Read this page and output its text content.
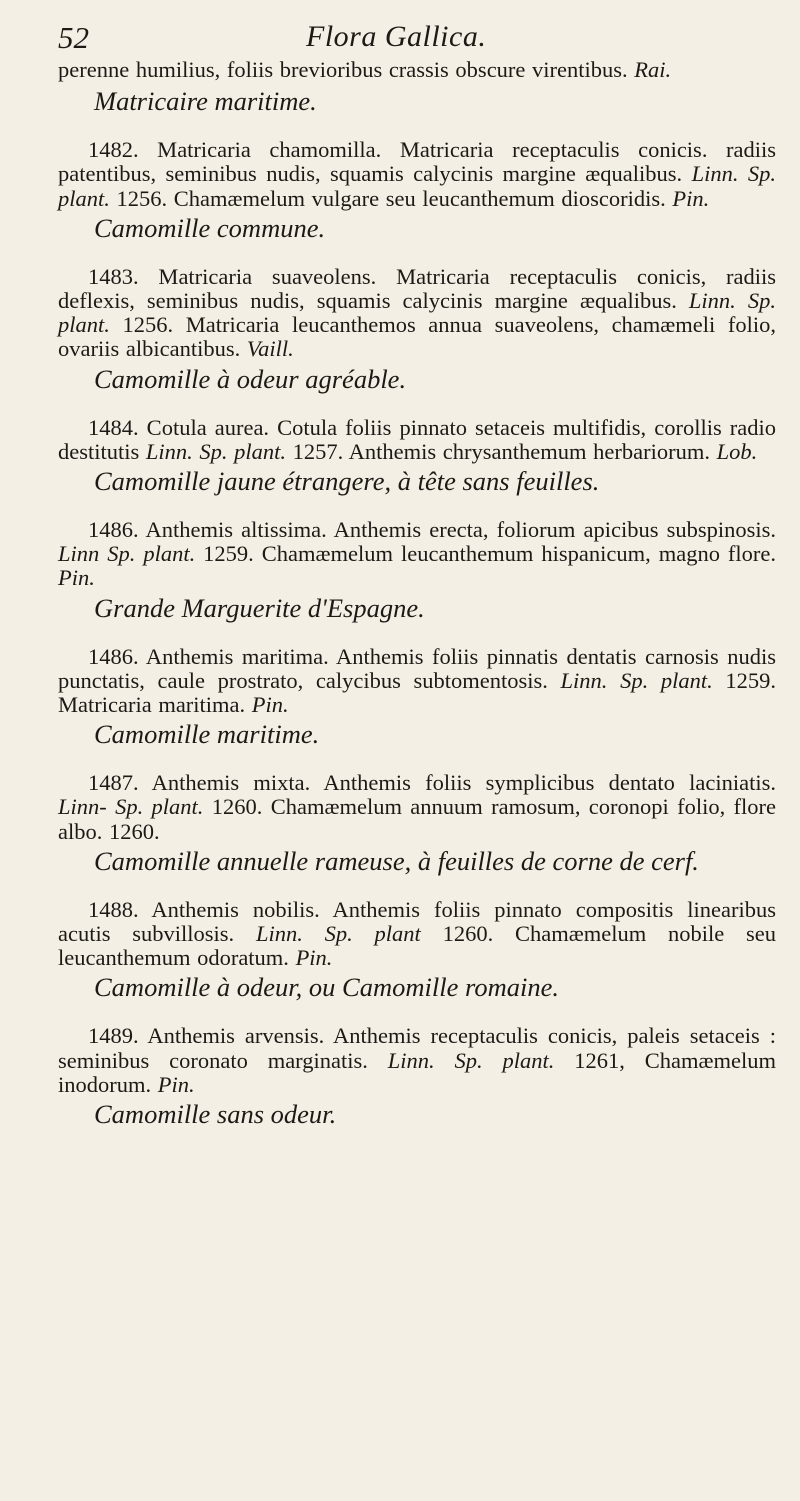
52	Flora Gallica.

perenne humilius, foliis brevioribus crassis obscure virentibus. Rai.

Matricaire maritime.

1482. Matricaria chamomilla. Matricaria receptaculis conicis. radiis patentibus, seminibus nudis, squamis calycinis margine æqualibus. Linn. Sp. plant. 1256. Chamæmelum vulgare seu leucanthemum dioscoridis. Pin.

Camomille commune.

1483. Matricaria suaveolens. Matricaria receptaculis conicis, radiis deflexis, seminibus nudis, squamis calycinis margine æqualibus. Linn. Sp. plant. 1256. Matricaria leucanthemos annua suaveolens, chamæmeli folio, ovariis albicantibus. Vaill.

Camomille à odeur agréable.

1484. Cotula aurea. Cotula foliis pinnato setaceis multifidis, corollis radio destitutis Linn. Sp. plant. 1257. Anthemis chrysanthemum herbariorum. Lob.

Camomille jaune étrangere, à tête sans feuilles.

1486. Anthemis altissima. Anthemis erecta, foliorum apicibus subspinosis. Linn Sp. plant. 1259. Chamæmelum leucanthemum hispanicum, magno flore. Pin.

Grande Marguerite d'Espagne.

1486. Anthemis maritima. Anthemis foliis pinnatis dentatis carnosis nudis punctatis, caule prostrato, calycibus subtomentosis. Linn. Sp. plant. 1259. Matricaria maritima. Pin.

Camomille maritime.

1487. Anthemis mixta. Anthemis foliis symplicibus dentato laciniatis. Linn- Sp. plant. 1260. Chamæmelum annuum ramosum, coronopi folio, flore albo. 1260.

Camomille annuelle rameuse, à feuilles de corne de cerf.

1488. Anthemis nobilis. Anthemis foliis pinnato compositis linearibus acutis subvillosis. Linn. Sp. plant 1260. Chamæmelum nobile seu leucanthemum odoratum. Pin.

Camomille à odeur, ou Camomille romaine.

1489. Anthemis arvensis. Anthemis receptaculis conicis, paleis setaceis : seminibus coronato marginatis. Linn. Sp. plant. 1261, Chamæmelum inodorum. Pin.

Camomille sans odeur.
